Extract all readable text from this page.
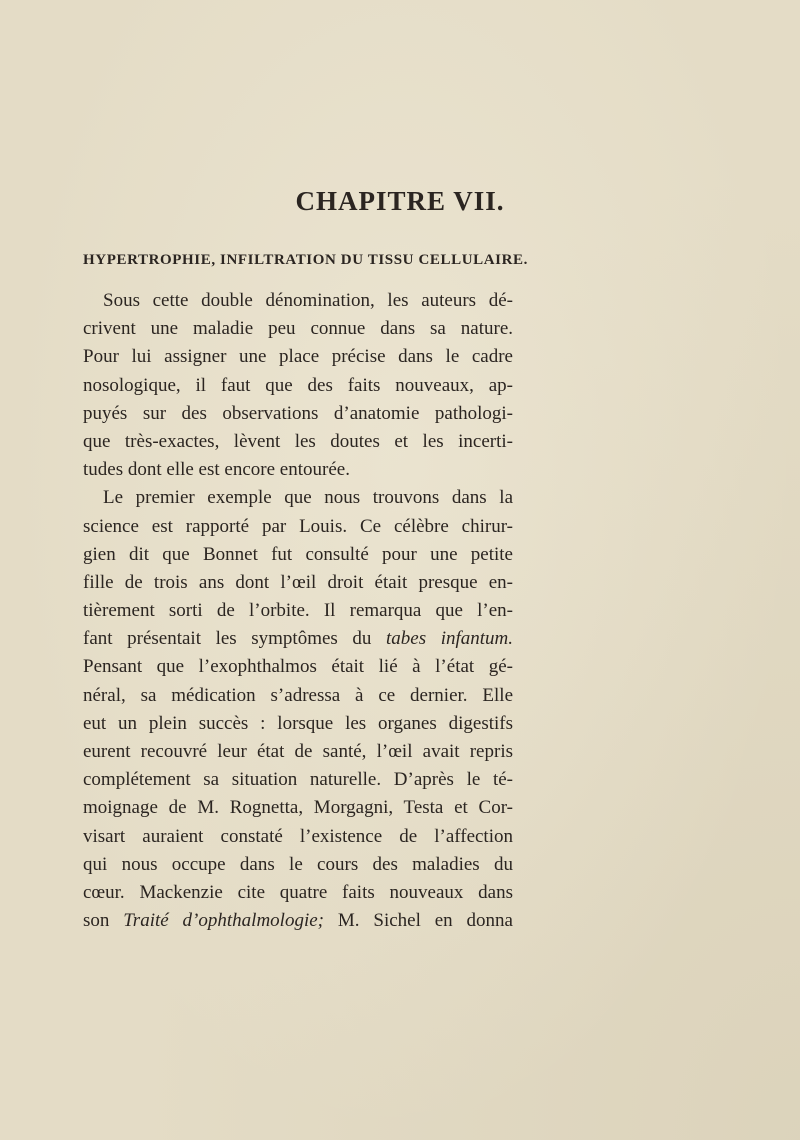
CHAPITRE VII.
HYPERTROPHIE, INFILTRATION DU TISSU CELLULAIRE.
Sous cette double dénomination, les auteurs dé-
crivent une maladie peu connue dans sa nature.
Pour lui assigner une place précise dans le cadre
nosologique, il faut que des faits nouveaux, ap-
puyés sur des observations d’anatomie pathologi-
que très-exactes, lèvent les doutes et les incerti-
tudes dont elle est encore entourée.
Le premier exemple que nous trouvons dans la
science est rapporté par Louis. Ce célèbre chirur-
gien dit que Bonnet fut consulté pour une petite
fille de trois ans dont l’œil droit était presque en-
tièrement sorti de l’orbite. Il remarqua que l’en-
fant présentait les symptômes du tabes infantum.
Pensant que l’exophthalmos était lié à l’état gé-
néral, sa médication s’adressa à ce dernier. Elle
eut un plein succès : lorsque les organes digestifs
eurent recouvré leur état de santé, l’œil avait repris
complétement sa situation naturelle. D’après le té-
moignage de M. Rognetta, Morgagni, Testa et Cor-
visart auraient constaté l’existence de l’affection
qui nous occupe dans le cours des maladies du
cœur. Mackenzie cite quatre faits nouveaux dans
son Traité d’ophthalmologie; M. Sichel en donna
